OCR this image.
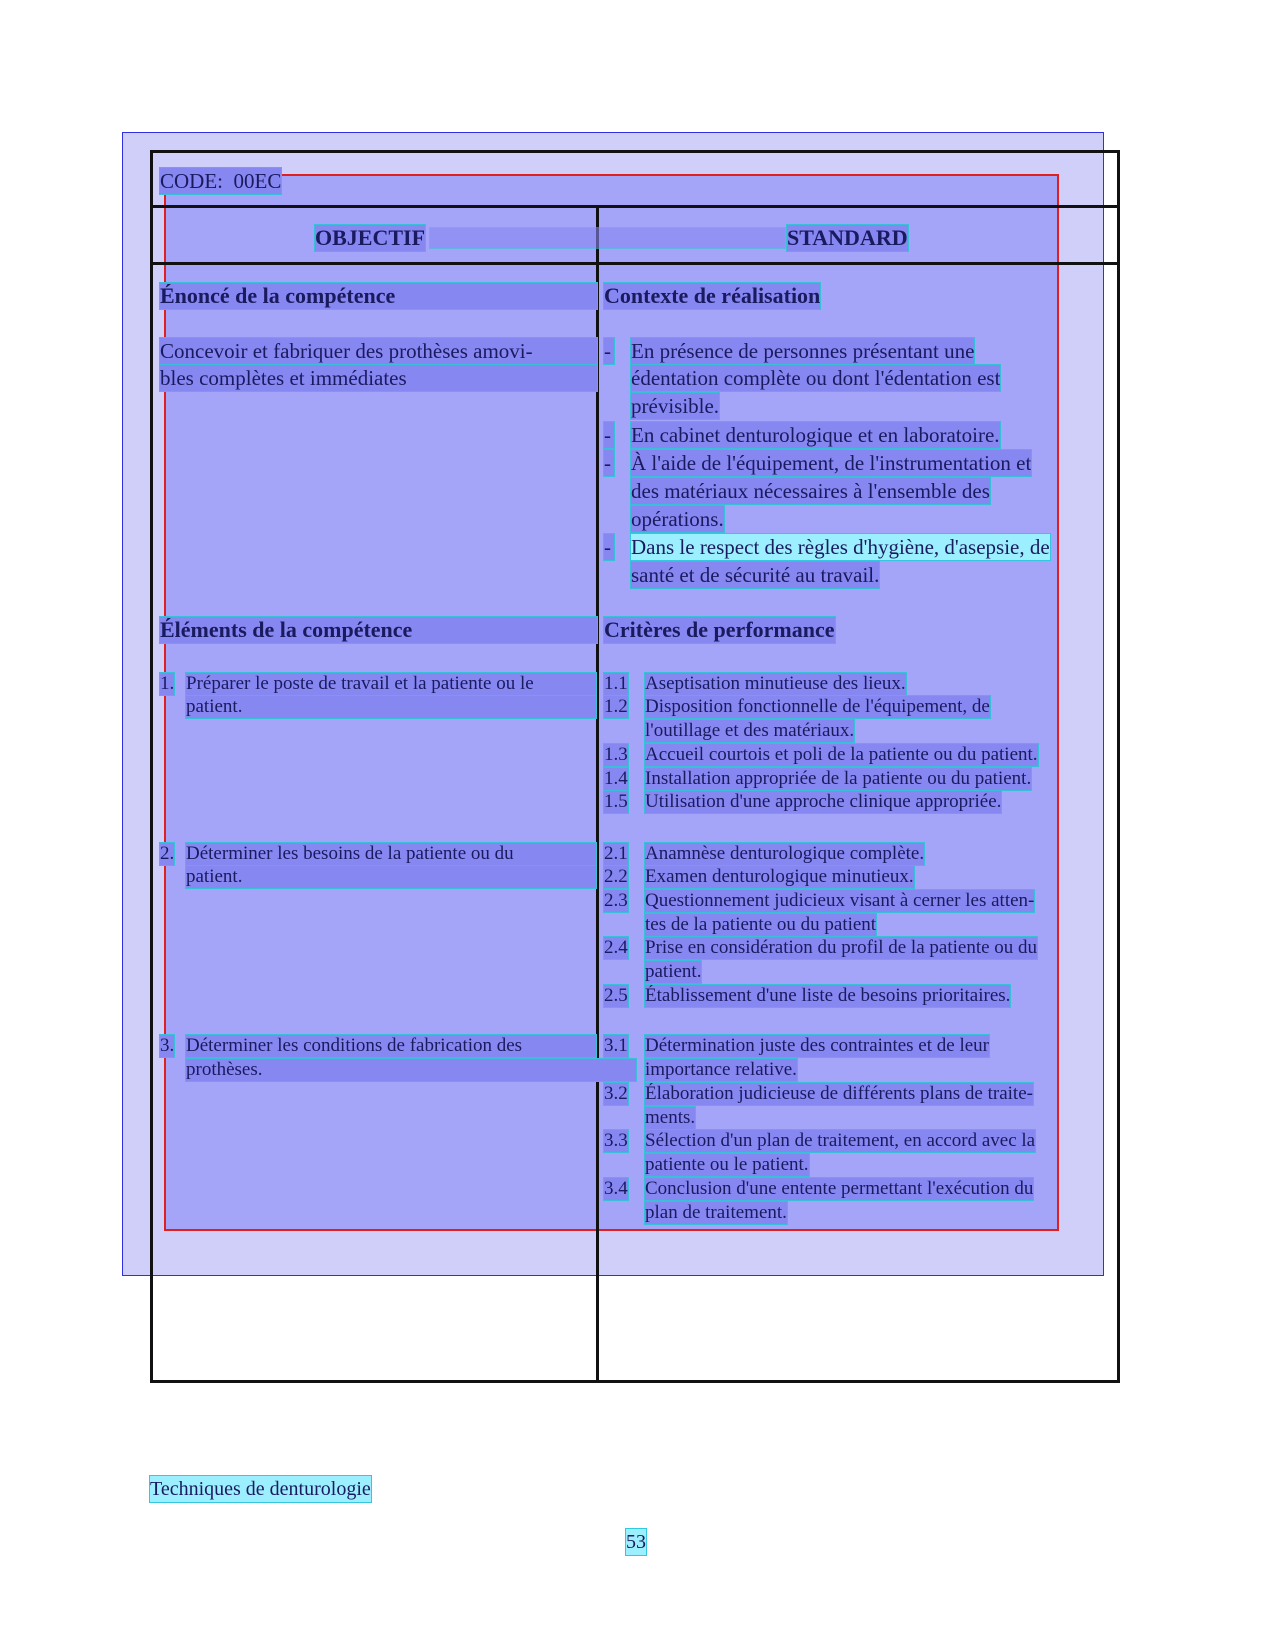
CODE: 00EC
OBJECTIF	STANDARD
Énoncé de la compétence
Concevoir et fabriquer des prothèses amovi-
bles complètes et immédiates
Contexte de réalisation
- En présence de personnes présentant une
édentation complète ou dont l'édentation est
prévisible.
- En cabinet denturologique et en laboratoire.
- À l'aide de l'équipement, de l'instrumentation et
des matériaux nécessaires à l'ensemble des
opérations.
- Dans le respect des règles d'hygiène, d'asepsie, de
santé et de sécurité au travail.
Éléments de la compétence	Critères de performance
1. Préparer le poste de travail et la patiente ou le
patient.
2. Déterminer les besoins de la patiente ou du
patient.
3. Déterminer les conditions de fabrication des
prothèses.
1.1 Aseptisation minutieuse des lieux.
1.2 Disposition fonctionnelle de l'équipement, de
l'outillage et des matériaux.
1.3 Accueil courtois et poli de la patiente ou du patient.
1.4 Installation appropriée de la patiente ou du patient.
1.5 Utilisation d'une approche clinique appropriée.
2.1 Anamnèse denturologique complète.
2.2 Examen denturologique minutieux.
2.3 Questionnement judicieux visant à cerner les atten-
tes de la patiente ou du patient
2.4 Prise en considération du profil de la patiente ou du
patient.
2.5 Établissement d'une liste de besoins prioritaires.
3.1 Détermination juste des contraintes et de leur
importance relative.
3.2 Élaboration judicieuse de différents plans de traite-
ments.
3.3 Sélection d'un plan de traitement, en accord avec la
patiente ou le patient.
3.4 Conclusion d'une entente permettant l'exécution du
plan de traitement.
Techniques de denturologie
53
